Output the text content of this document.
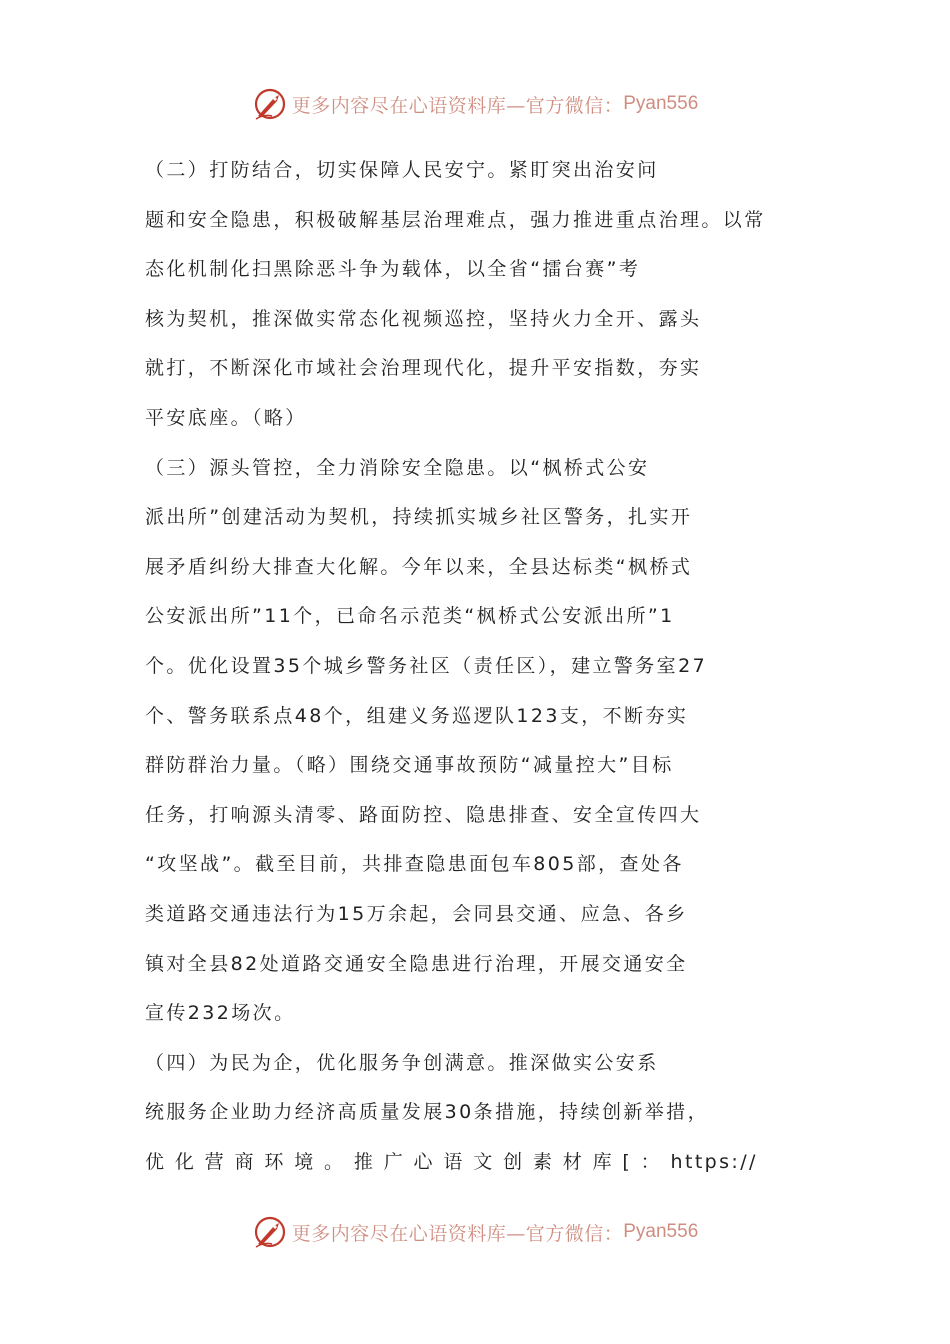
更多内容尽在心语资料库—官方微信： Pyan556
（二）打防结合，切实保障人民安宁。紧盯突出治安问
题和安全隐患，积极破解基层治理难点，强力推进重点治理。以常
态化机制化扫黑除恶斗争为载体，以全省“擂台赛”考
核为契机，推深做实常态化视频巡控，坚持火力全开、露头
就打，不断深化市域社会治理现代化，提升平安指数，夯实
平安底座。（略）
（三）源头管控，全力消除安全隐患。以“枫桥式公安
派出所”创建活动为契机，持续抓实城乡社区警务，扎实开
展矛盾纠纷大排查大化解。今年以来，全县达标类“枫桥式
公安派出所”11个，已命名示范类“枫桥式公安派出所”1
个。优化设置35个城乡警务社区（责任区），建立警务室27
个、警务联系点48个，组建义务巡逻队123支，不断夯实
群防群治力量。（略）围绕交通事故预防“减量控大”目标
任务，打响源头清零、路面防控、隐患排查、安全宣传四大
“攻坚战”。截至目前，共排查隐患面包车805部，查处各
类道路交通违法行为15万余起，会同县交通、应急、各乡
镇对全县82处道路交通安全隐患进行治理，开展交通安全
宣传232场次。
（四）为民为企，优化服务争创满意。推深做实公安系
统服务企业助力经济高质量发展30条措施，持续创新举措，
优 化 营 商 环 境 。 推 广 心 语 文 创 素 材 库 [ ： https://
更多内容尽在心语资料库—官方微信： Pyan556
